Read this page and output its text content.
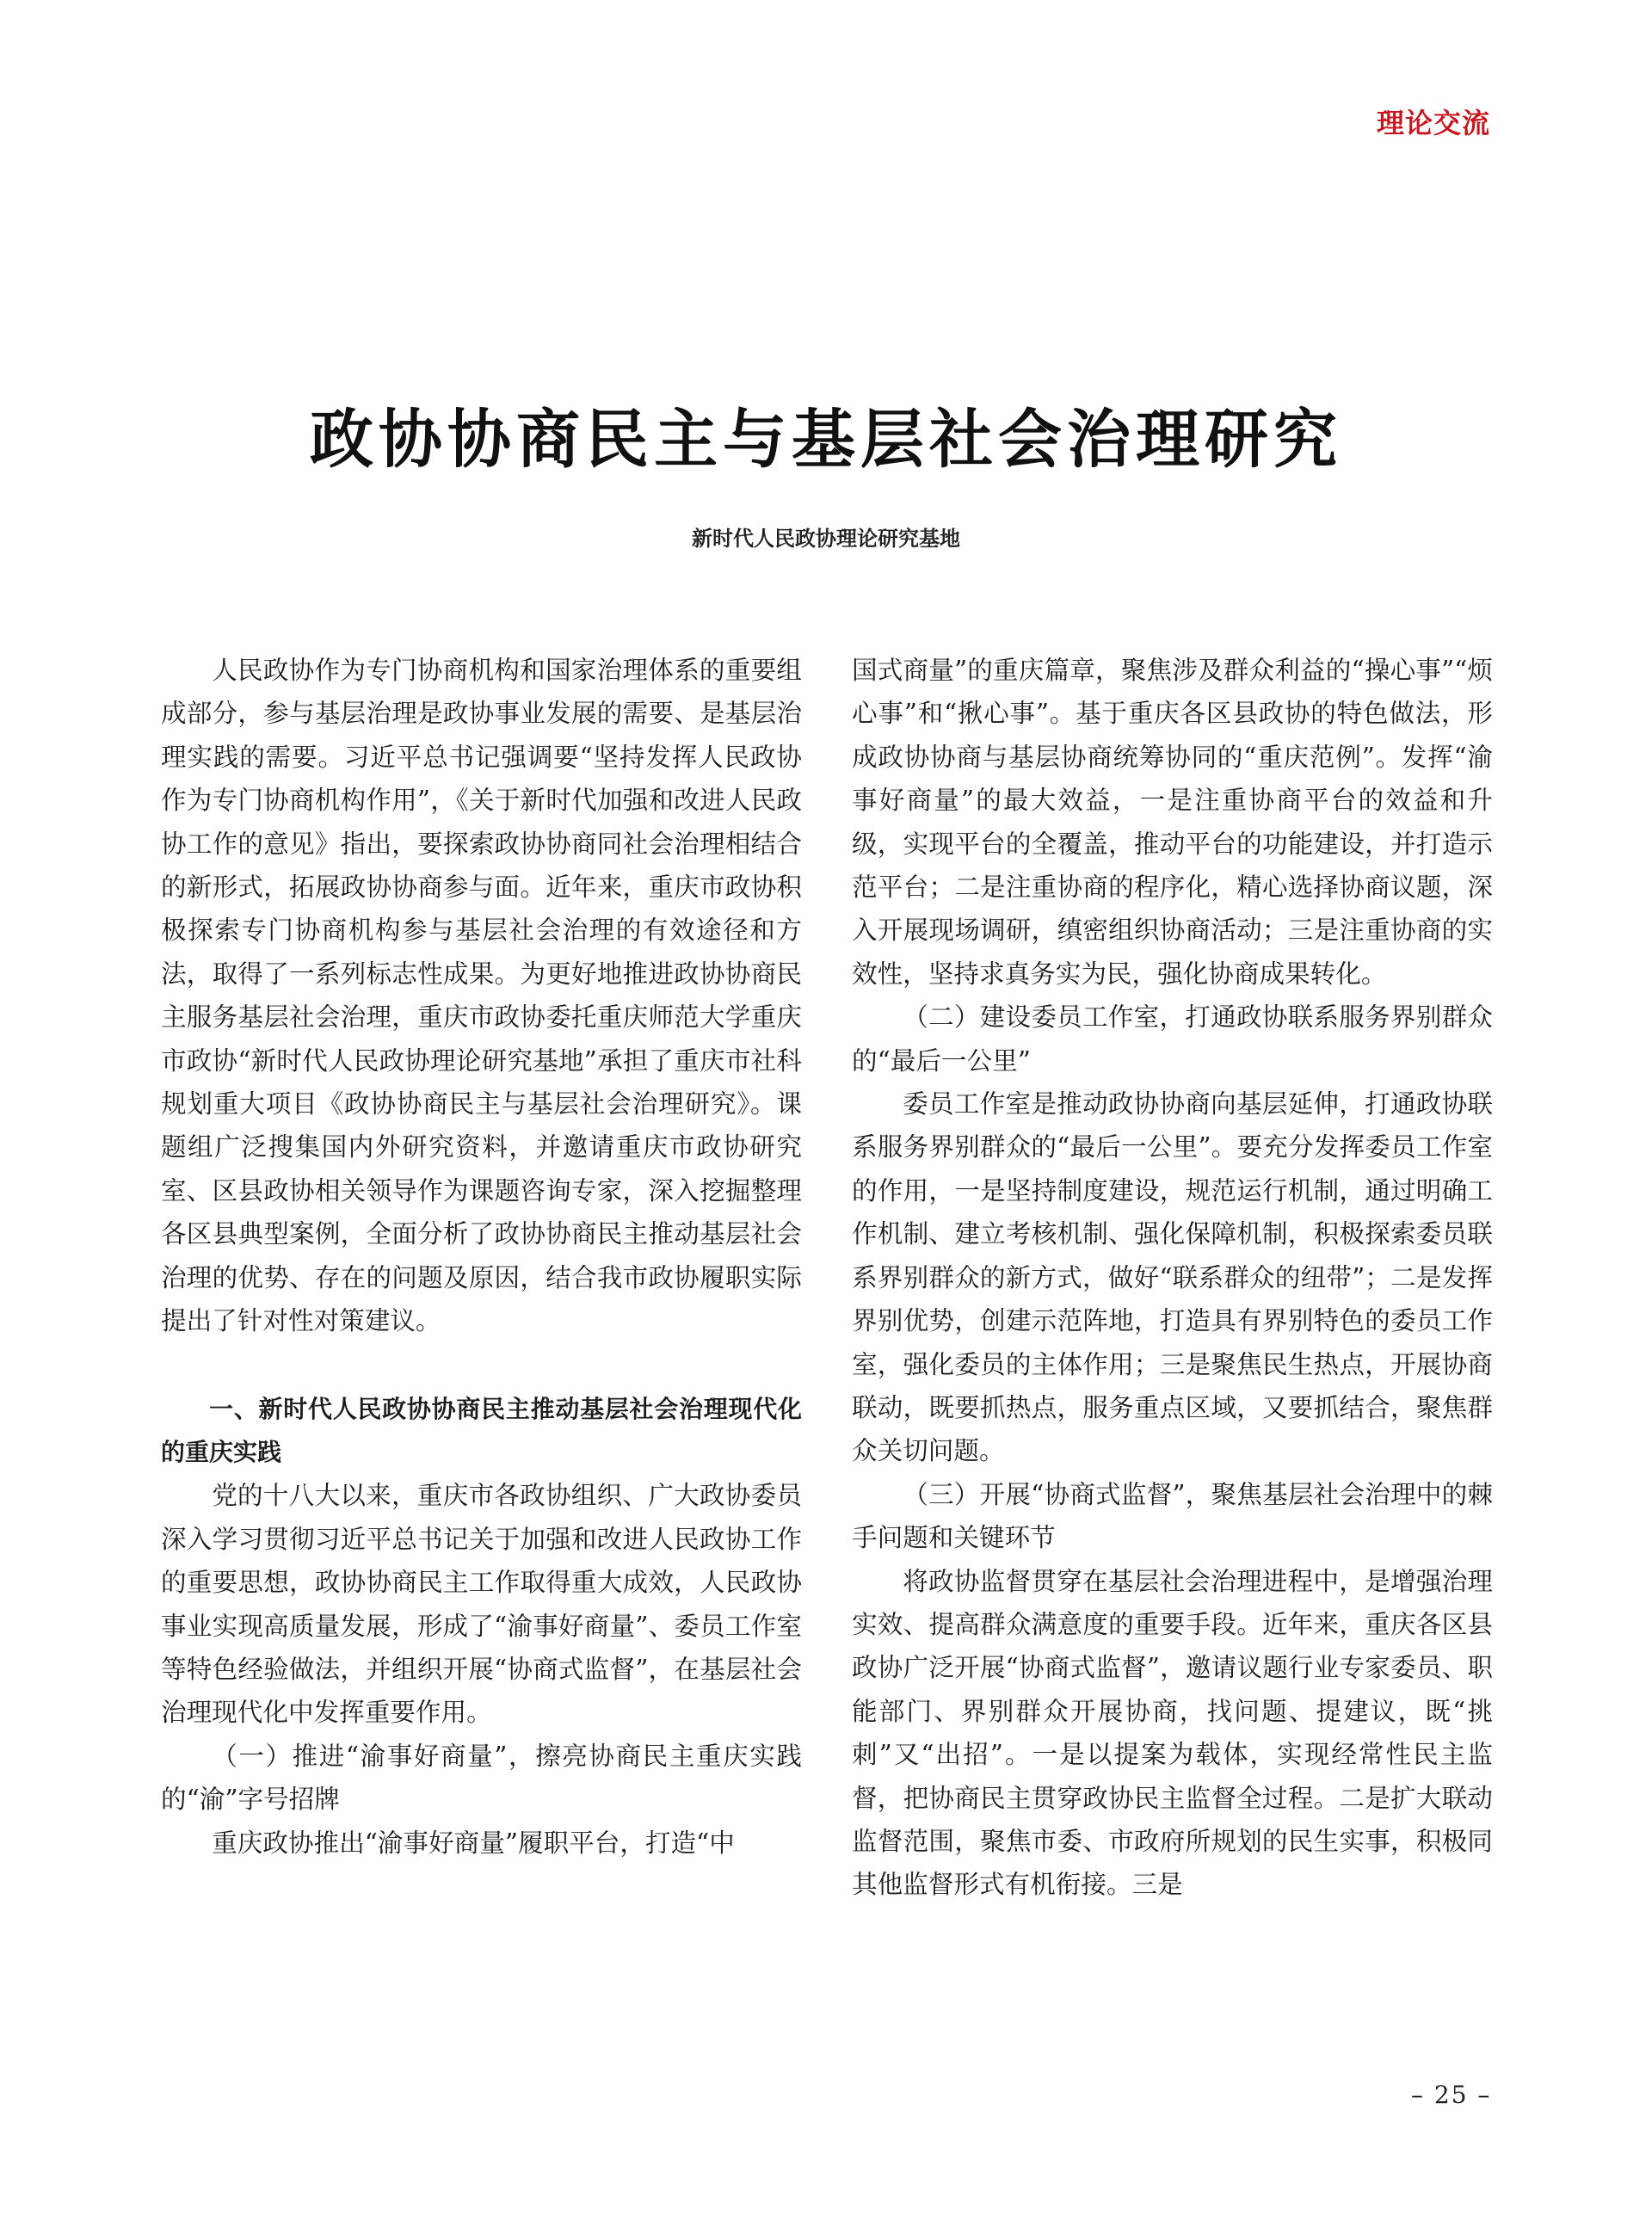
理论交流
政协协商民主与基层社会治理研究
新时代人民政协理论研究基地

人民政协作为专门协商机构和国家治理体系的重要组成部分，参与基层治理是政协事业发展的需要、是基层治理实践的需要。习近平总书记强调要“坚持发挥人民政协作为专门协商机构作用”，《关于新时代加强和改进人民政协工作的意见》指出，要探索政协协商同社会治理相结合的新形式，拓展政协协商参与面。近年来，重庆市政协积极探索专门协商机构参与基层社会治理的有效途径和方法，取得了一系列标志性成果。为更好地推进政协协商民主服务基层社会治理，重庆市政协委托重庆师范大学重庆市政协“新时代人民政协理论研究基地”承担了重庆市社科规划重大项目《政协协商民主与基层社会治理研究》。课题组广泛搜集国内外研究资料，并邀请重庆市政协研究室、区县政协相关领导作为课题咨询专家，深入挖掘整理各区县典型案例，全面分析了政协协商民主推动基层社会治理的优势、存在的问题及原因，结合我市政协履职实际提出了针对性对策建议。

一、新时代人民政协协商民主推动基层社会治理现代化的重庆实践

党的十八大以来，重庆市各政协组织、广大政协委员深入学习贯彻习近平总书记关于加强和改进人民政协工作的重要思想，政协协商民主工作取得重大成效，人民政协事业实现高质量发展，形成了“渝事好商量”、委员工作室等特色经验做法，并组织开展“协商式监督”，在基层社会治理现代化中发挥重要作用。

（一）推进“渝事好商量”，擦亮协商民主重庆实践的“渝”字号招牌

重庆政协推出“渝事好商量”履职平台，打造“中

国式商量”的重庆篇章，聚焦涉及群众利益的“操心事”“烦心事”和“揪心事”。基于重庆各区县政协的特色做法，形成政协协商与基层协商统筹协同的“重庆范例”。发挥“渝事好商量”的最大效益，一是注重协商平台的效益和升级，实现平台的全覆盖，推动平台的功能建设，并打造示范平台；二是注重协商的程序化，精心选择协商议题，深入开展现场调研，缜密组织协商活动；三是注重协商的实效性，坚持求真务实为民，强化协商成果转化。

（二）建设委员工作室，打通政协联系服务界别群众的“最后一公里”

委员工作室是推动政协协商向基层延伸，打通政协联系服务界别群众的“最后一公里”。要充分发挥委员工作室的作用，一是坚持制度建设，规范运行机制，通过明确工作机制、建立考核机制、强化保障机制，积极探索委员联系界别群众的新方式，做好“联系群众的纽带”；二是发挥界别优势，创建示范阵地，打造具有界别特色的委员工作室，强化委员的主体作用；三是聚焦民生热点，开展协商联动，既要抓热点，服务重点区域，又要抓结合，聚焦群众关切问题。

（三）开展“协商式监督”，聚焦基层社会治理中的棘手问题和关键环节

将政协监督贯穿在基层社会治理进程中，是增强治理实效、提高群众满意度的重要手段。近年来，重庆各区县政协广泛开展“协商式监督”，邀请议题行业专家委员、职能部门、界别群众开展协商，找问题、提建议，既“挑刺”又“出招”。一是以提案为载体，实现经常性民主监督，把协商民主贯穿政协民主监督全过程。二是扩大联动监督范围，聚焦市委、市政府所规划的民生实事，积极同其他监督形式有机衔接。三是

– 25 –
